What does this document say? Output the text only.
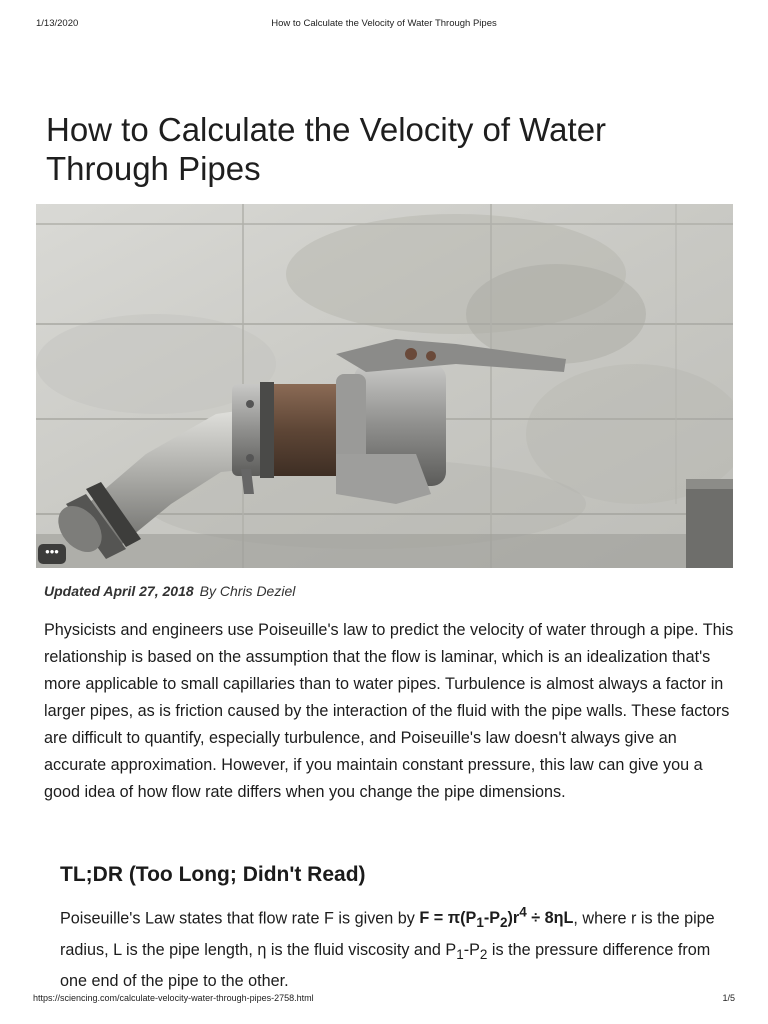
1/13/2020	How to Calculate the Velocity of Water Through Pipes
How to Calculate the Velocity of Water Through Pipes
•••
Updated April 27, 2018 By Chris Deziel

Physicists and engineers use Poiseuille's law to predict the velocity of water through a pipe. This relationship is based on the assumption that the flow is laminar, which is an idealization that's more applicable to small capillaries than to water pipes. Turbulence is almost always a factor in larger pipes, as is friction caused by the interaction of the fluid with the pipe walls. These factors are difficult to quantify, especially turbulence, and Poiseuille's law doesn't always give an accurate approximation. However, if you maintain constant pressure, this law can give you a good idea of how flow rate differs when you change the pipe dimensions.

TL;DR (Too Long; Didn't Read)

Poiseuille's Law states that flow rate F is given by $F = \pi(P_1-P_2)r^4 \div 8\eta L$, where r is the pipe radius, L is the pipe length, η is the fluid viscosity and $P_1-P_2$ is the pressure difference from one end of the pipe to the other.

https://sciencing.com/calculate-velocity-water-through-pipes-2758.html	1/5
